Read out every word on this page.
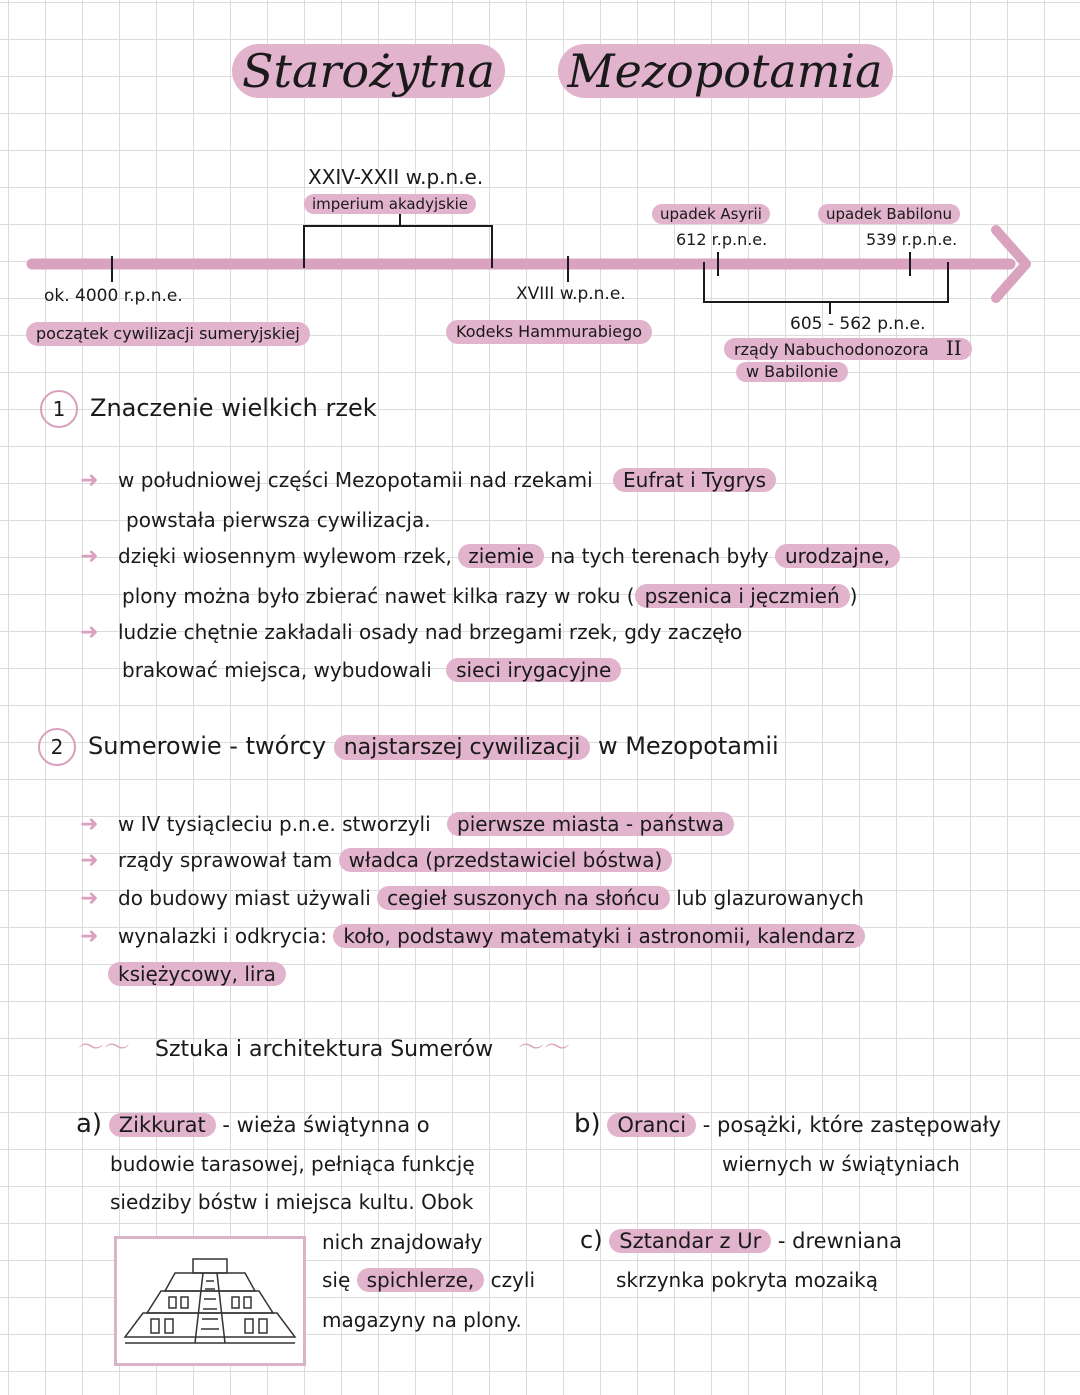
Starożytna Mezopotamia
XXIV-XXII w.p.n.e.
imperium akadyjskie
ok. 4000 r.p.n.e.
początek cywilizacji sumeryjskiej
XVIII w.p.n.e.
Kodeks Hammurabiego
upadek Asyrii
612 r.p.n.e.
upadek Babilonu
539 r.p.n.e.
605 - 562 p.n.e.
rządy Nabuchodonozora II
w Babilonie
1 Znaczenie wielkich rzek
➜ w południowej części Mezopotamii nad rzekami Eufrat i Tygrys
powstała pierwsza cywilizacja.
➜ dzięki wiosennym wylewom rzek, ziemie na tych terenach były urodzajne,
plony można było zbierać nawet kilka razy w roku ( pszenica i jęczmień )
➜ ludzie chętnie zakładali osady nad brzegami rzek, gdy zaczęło
brakować miejsca, wybudowali sieci irygacyjne
2 Sumerowie - twórcy najstarszej cywilizacji w Mezopotamii
➜ w IV tysiącleciu p.n.e. stworzyli pierwsze miasta - państwa
➜ rządy sprawował tam władca (przedstawiciel bóstwa)
➜ do budowy miast używali cegieł suszonych na słońcu lub glazurowanych
➜ wynalazki i odkrycia: koło, podstawy matematyki i astronomii, kalendarz
księżycowy, lira
〜〜 Sztuka i architektura Sumerów 〜〜
a) Zikkurat - wieża świątynna o
budowie tarasowej, pełniąca funkcję
siedziby bóstw i miejsca kultu. Obok
nich znajdowały
się spichlerze, czyli
magazyny na plony.
b) Oranci - posążki, które zastępowały
wiernych w świątyniach
c) Sztandar z Ur - drewniana
skrzynka pokryta mozaiką
